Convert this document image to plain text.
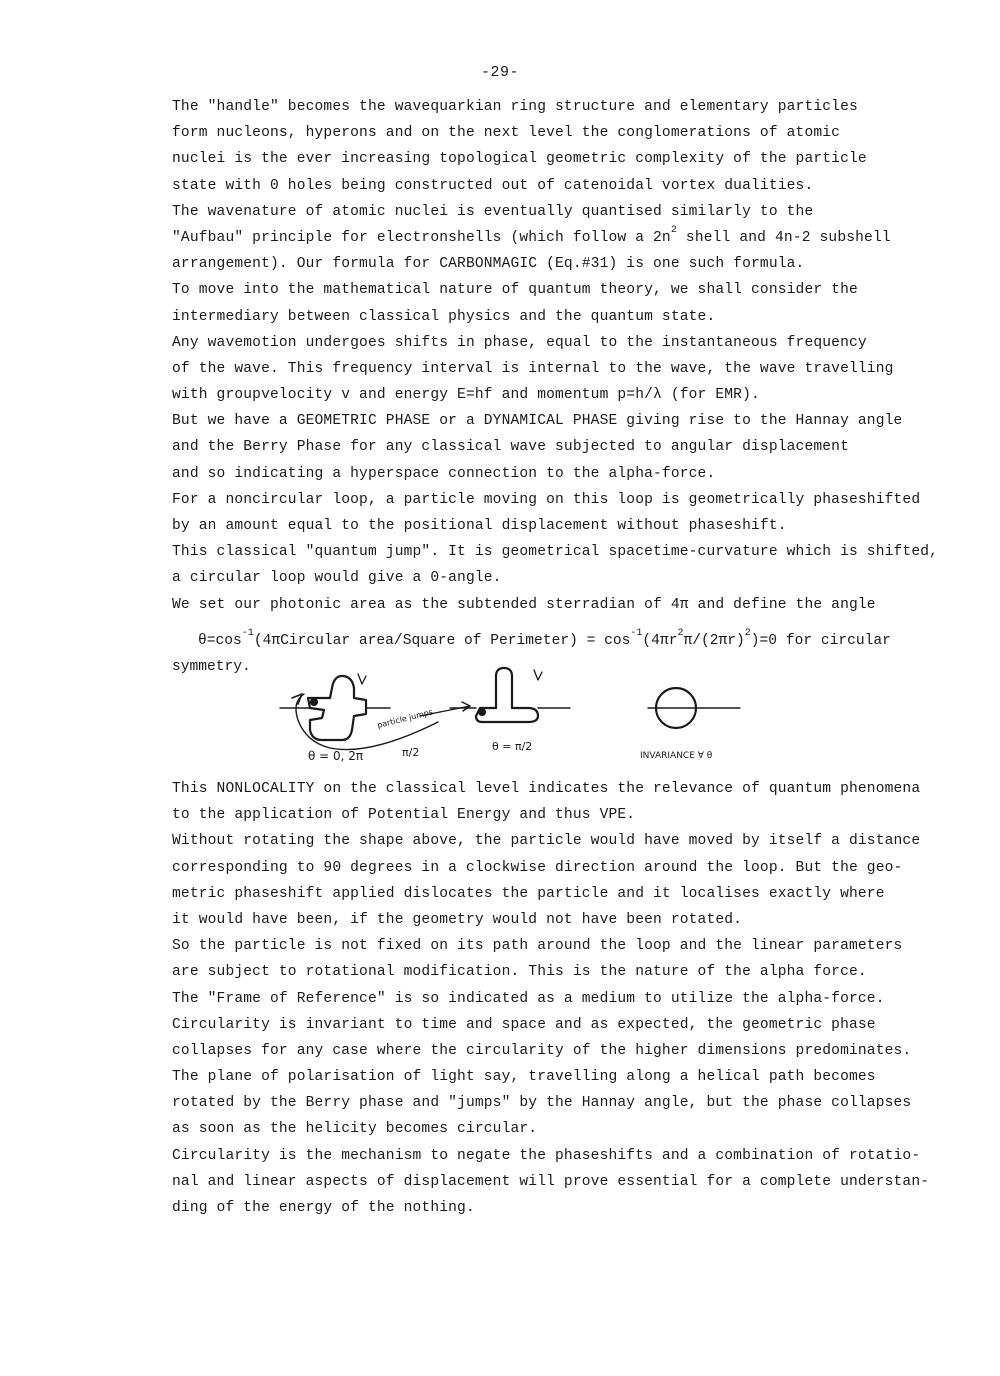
-29-
The "handle" becomes the wavequarkian ring structure and elementary particles
form nucleons, hyperons and on the next level the conglomerations of atomic
nuclei is the ever increasing topological geometric complexity of the particle
state with 0 holes being constructed out of catenoidal vortex dualities.
The wavenature of atomic nuclei is eventually quantised similarly to the
"Aufbau" principle for electronshells (which follow a $2n^2$ shell and 4n-2 subshell
arrangement). Our formula for CARBONMAGIC (Eq.#31) is one such formula.
To move into the mathematical nature of quantum theory, we shall consider the
intermediary between classical physics and the quantum state.
Any wavemotion undergoes shifts in phase, equal to the instantaneous frequency
of the wave. This frequency interval is internal to the wave, the wave travelling
with groupvelocity v and energy E=hf and momentum p=h/λ (for EMR).
But we have a GEOMETRIC PHASE or a DYNAMICAL PHASE giving rise to the Hannay angle
and the Berry Phase for any classical wave subjected to angular displacement
and so indicating a hyperspace connection to the alpha-force.
For a noncircular loop, a particle moving on this loop is geometrically phaseshifted
by an amount equal to the positional displacement without phaseshift.
This classical "quantum jump". It is geometrical spacetime-curvature which is shifted,
a circular loop would give a 0-angle.
We set our photonic area as the subtended sterradian of 4π and define the angle
$\theta=\cos^{-1}(4\pi Circular$ area/Square of Perimeter) = $\cos^{-1}(4\pi r^2\pi/(2\pi r)^2)=0$ for circular
symmetry.
θ = 0, 2π
particle jumps
π/2	θ = π/2
INVARIANCE ∀ θ
This NONLOCALITY on the classical level indicates the relevance of quantum phenomena
to the application of Potential Energy and thus VPE.
Without rotating the shape above, the particle would have moved by itself a distance
corresponding to 90 degrees in a clockwise direction around the loop. But the geo-
metric phaseshift applied dislocates the particle and it localises exactly where
it would have been, if the geometry would not have been rotated.
So the particle is not fixed on its path around the loop and the linear parameters
are subject to rotational modification. This is the nature of the alpha force.
The "Frame of Reference" is so indicated as a medium to utilize the alpha-force.
Circularity is invariant to time and space and as expected, the geometric phase
collapses for any case where the circularity of the higher dimensions predominates.
The plane of polarisation of light say, travelling along a helical path becomes
rotated by the Berry phase and "jumps" by the Hannay angle, but the phase collapses
as soon as the helicity becomes circular.
Circularity is the mechanism to negate the phaseshifts and a combination of rotatio-
nal and linear aspects of displacement will prove essential for a complete understan-
ding of the energy of the nothing.
